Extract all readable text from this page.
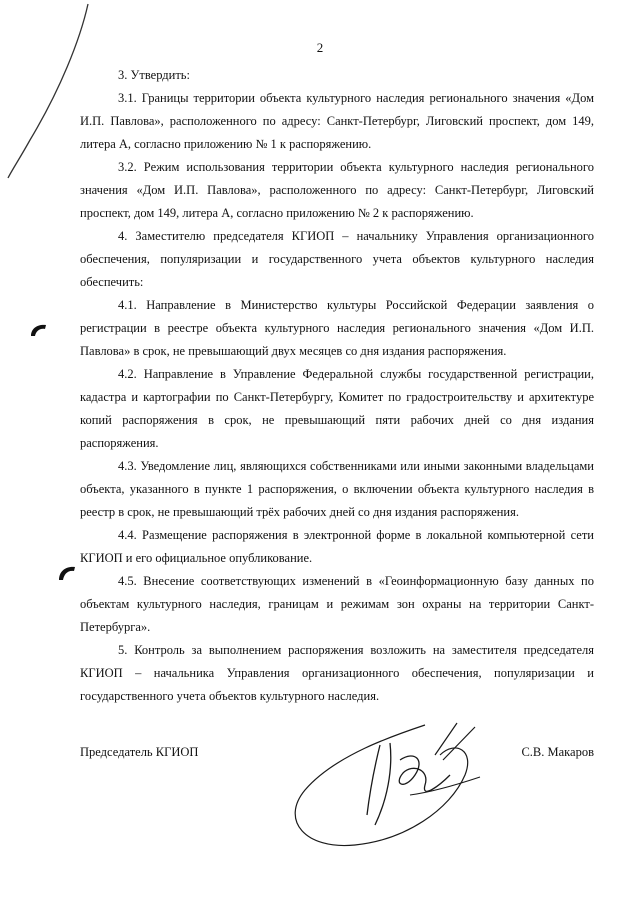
2

3. Утвердить:

3.1. Границы территории объекта культурного наследия регионального значения «Дом И.П. Павлова», расположенного по адресу: Санкт-Петербург, Лиговский проспект, дом 149, литера А, согласно приложению № 1 к распоряжению.

3.2. Режим использования территории объекта культурного наследия регионального значения «Дом И.П. Павлова», расположенного по адресу: Санкт-Петербург, Лиговский проспект, дом 149, литера А, согласно приложению № 2 к распоряжению.

4. Заместителю председателя КГИОП – начальнику Управления организационного обеспечения, популяризации и государственного учета объектов культурного наследия обеспечить:

4.1. Направление в Министерство культуры Российской Федерации заявления о регистрации в реестре объекта культурного наследия регионального значения «Дом И.П. Павлова» в срок, не превышающий двух месяцев со дня издания распоряжения.

4.2. Направление в Управление Федеральной службы государственной регистрации, кадастра и картографии по Санкт-Петербургу, Комитет по градостроительству и архитектуре копий распоряжения в срок, не превышающий пяти рабочих дней со дня издания распоряжения.

4.3. Уведомление лиц, являющихся собственниками или иными законными владельцами объекта, указанного в пункте 1 распоряжения, о включении объекта культурного наследия в реестр в срок, не превышающий трёх рабочих дней со дня издания распоряжения.

4.4. Размещение распоряжения в электронной форме в локальной компьютерной сети КГИОП и его официальное опубликование.

4.5. Внесение соответствующих изменений в «Геоинформационную базу данных по объектам культурного наследия, границам и режимам зон охраны на территории Санкт-Петербурга».

5. Контроль за выполнением распоряжения возложить на заместителя председателя КГИОП – начальника Управления организационного обеспечения, популяризации и государственного учета объектов культурного наследия.

Председатель КГИОП	С.В. Макаров
